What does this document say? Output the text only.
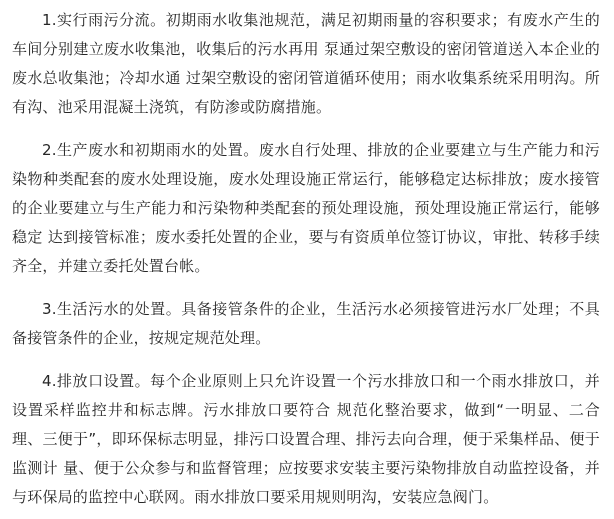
1.实行雨污分流。初期雨水收集池规范，满足初期雨量的容积要求；有废水产生的车间分别建立废水收集池，收集后的污水再用 泵通过架空敷设的密闭管道送入本企业的废水总收集池；冷却水通 过架空敷设的密闭管道循环使用；雨水收集系统采用明沟。所有沟、池采用混凝土浇筑，有防渗或防腐措施。

2.生产废水和初期雨水的处置。废水自行处理、排放的企业要建立与生产能力和污染物种类配套的废水处理设施，废水处理设施正常运行，能够稳定达标排放；废水接管的企业要建立与生产能力和污染物种类配套的预处理设施，预处理设施正常运行，能够稳定 达到接管标准；废水委托处置的企业，要与有资质单位签订协议，审批、转移手续齐全，并建立委托处置台帐。

3.生活污水的处置。具备接管条件的企业，生活污水必须接管进污水厂处理；不具备接管条件的企业，按规定规范处理。

4.排放口设置。每个企业原则上只允许设置一个污水排放口和一个雨水排放口，并设置采样监控井和标志牌。污水排放口要符合 规范化整治要求，做到“一明显、二合理、三便于”，即环保标志明显，排污口设置合理、排污去向合理，便于采集样品、便于监测计 量、便于公众参与和监督管理；应按要求安装主要污染物排放自动监控设备，并与环保局的监控中心联网。雨水排放口要采用规则明沟，安装应急阀门。
